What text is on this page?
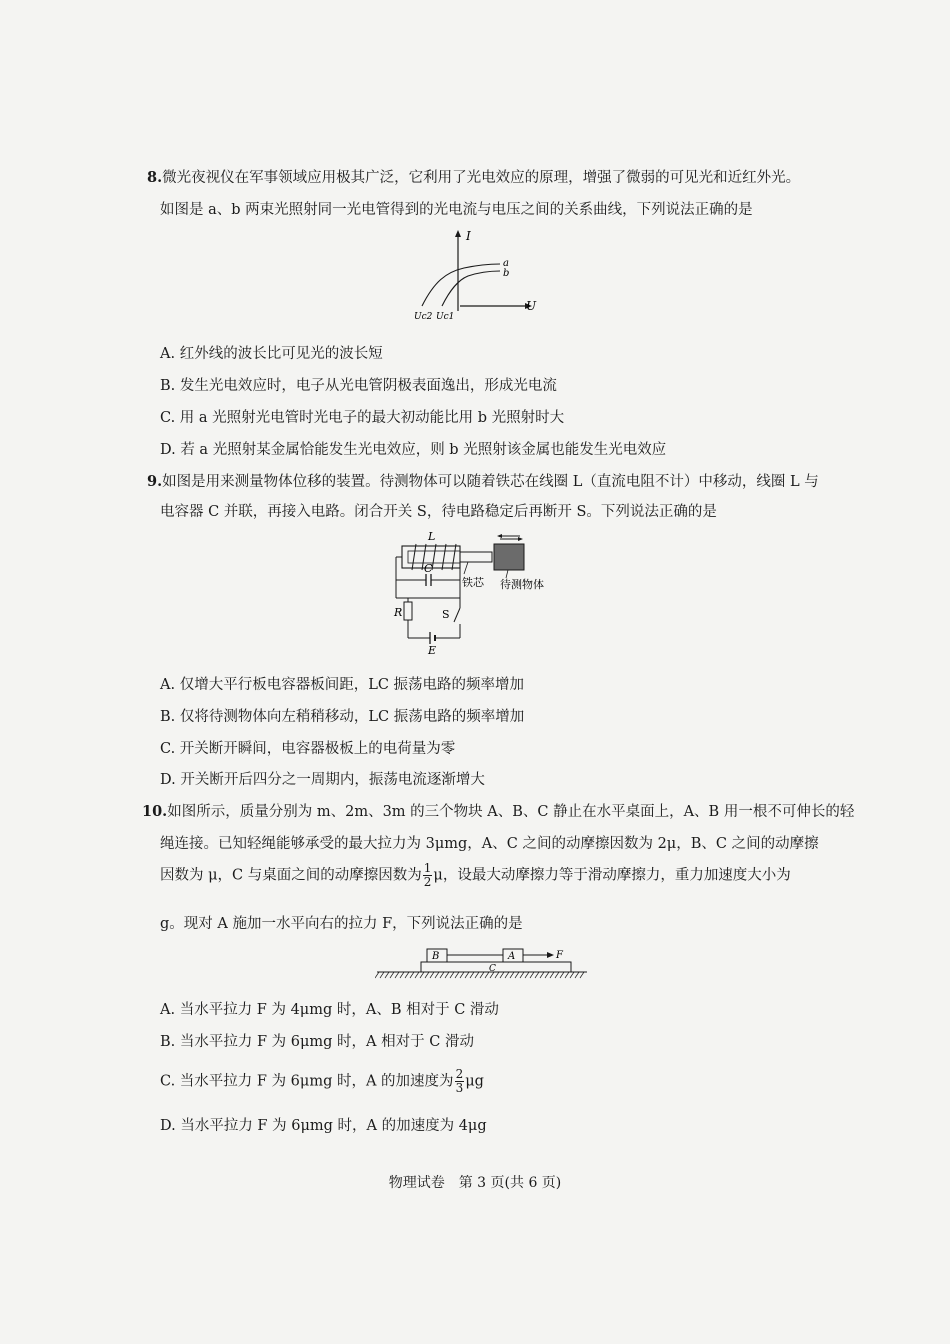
8.微光夜视仪在军事领域应用极其广泛，它利用了光电效应的原理，增强了微弱的可见光和近红外光。
如图是 a、b 两束光照射同一光电管得到的光电流与电压之间的关系曲线，下列说法正确的是
I
U
a
b
Uc2 Uc1
A. 红外线的波长比可见光的波长短
B. 发生光电效应时，电子从光电管阴极表面逸出，形成光电流
C. 用 a 光照射光电管时光电子的最大初动能比用 b 光照射时大
D. 若 a 光照射某金属恰能发生光电效应，则 b 光照射该金属也能发生光电效应
9.如图是用来测量物体位移的装置。待测物体可以随着铁芯在线圈 L（直流电阻不计）中移动，线圈 L 与
电容器 C 并联，再接入电路。闭合开关 S，待电路稳定后再断开 S。下列说法正确的是
L
铁芯 待测物体
C
R	S
E
A. 仅增大平行板电容器板间距，LC 振荡电路的频率增加
B. 仅将待测物体向左稍稍移动，LC 振荡电路的频率增加
C. 开关断开瞬间，电容器极板上的电荷量为零
D. 开关断开后四分之一周期内，振荡电流逐渐增大
10.如图所示，质量分别为 m、2m、3m 的三个物块 A、B、C 静止在水平桌面上，A、B 用一根不可伸长的轻
绳连接。已知轻绳能够承受的最大拉力为 3μmg，A、C 之间的动摩擦因数为 2μ，B、C 之间的动摩擦
因数为 μ，C 与桌面之间的动摩擦因数为 $\frac{1}{2}$ μ，设最大动摩擦力等于滑动摩擦力，重力加速度大小为
g。现对 A 施加一水平向右的拉力 F，下列说法正确的是
C
B	A	F
A. 当水平拉力 F 为 4μmg 时，A、B 相对于 C 滑动
B. 当水平拉力 F 为 6μmg 时，A 相对于 C 滑动
C. 当水平拉力 F 为 6μmg 时，A 的加速度为 $\frac{2}{3}$ μg
D. 当水平拉力 F 为 6μmg 时，A 的加速度为 4μg
物理试卷　第 3 页(共 6 页)
